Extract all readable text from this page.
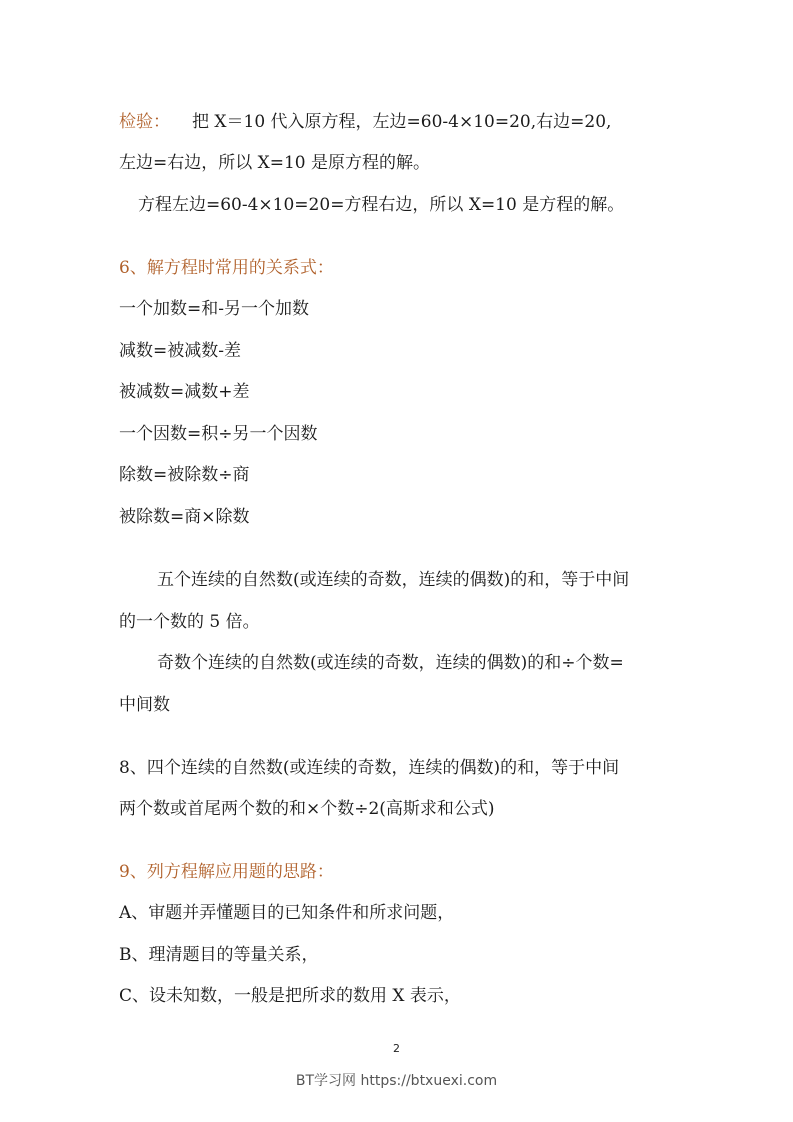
检验： 把 X＝10 代入原方程，左边=60-4×10=20,右边=20,
左边=右边，所以 X=10 是原方程的解。
方程左边=60-4×10=20=方程右边，所以 X=10 是方程的解。
6、解方程时常用的关系式：
一个加数=和-另一个加数
减数=被减数-差
被减数=减数+差
一个因数=积÷另一个因数
除数=被除数÷商
被除数=商×除数
五个连续的自然数(或连续的奇数，连续的偶数)的和，等于中间
的一个数的 5 倍。
奇数个连续的自然数(或连续的奇数，连续的偶数)的和÷个数=
中间数
8、四个连续的自然数(或连续的奇数，连续的偶数)的和，等于中间
两个数或首尾两个数的和×个数÷2(高斯求和公式)
9、列方程解应用题的思路：
A、审题并弄懂题目的已知条件和所求问题，
B、理清题目的等量关系，
C、设未知数，一般是把所求的数用 X 表示，
2
BT学习网 https://btxuexi.com
